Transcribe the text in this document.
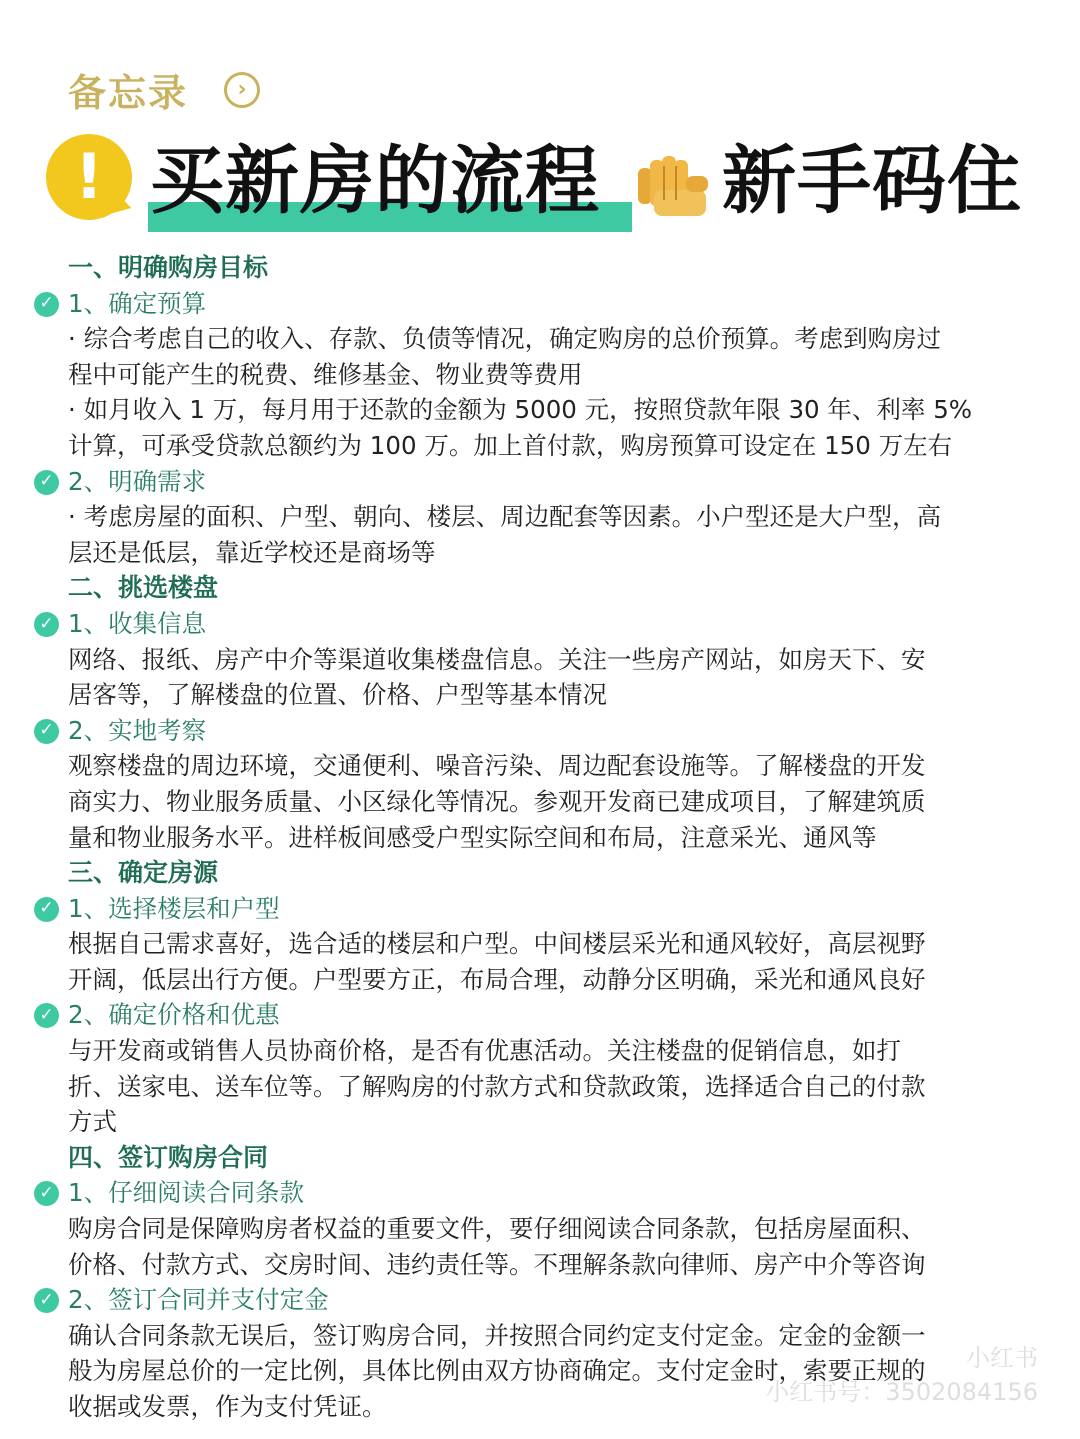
备忘录	›
! 买新房的流程 新手码住
一、明确购房目标
✓ 1、确定预算
· 综合考虑自己的收入、存款、负债等情况，确定购房的总价预算。考虑到购房过
程中可能产生的税费、维修基金、物业费等费用
· 如月收入 1 万，每月用于还款的金额为 5000 元，按照贷款年限 30 年、利率 5%
计算，可承受贷款总额约为 100 万。加上首付款，购房预算可设定在 150 万左右
✓ 2、明确需求
· 考虑房屋的面积、户型、朝向、楼层、周边配套等因素。小户型还是大户型，高
层还是低层，靠近学校还是商场等
二、挑选楼盘
✓ 1、收集信息
网络、报纸、房产中介等渠道收集楼盘信息。关注一些房产网站，如房天下、安
居客等，了解楼盘的位置、价格、户型等基本情况
✓ 2、实地考察
观察楼盘的周边环境，交通便利、噪音污染、周边配套设施等。了解楼盘的开发
商实力、物业服务质量、小区绿化等情况。参观开发商已建成项目，了解建筑质
量和物业服务水平。进样板间感受户型实际空间和布局，注意采光、通风等
三、确定房源
✓ 1、选择楼层和户型
根据自己需求喜好，选合适的楼层和户型。中间楼层采光和通风较好，高层视野
开阔，低层出行方便。户型要方正，布局合理，动静分区明确，采光和通风良好
✓ 2、确定价格和优惠
与开发商或销售人员协商价格，是否有优惠活动。关注楼盘的促销信息，如打
折、送家电、送车位等。了解购房的付款方式和贷款政策，选择适合自己的付款
方式
四、签订购房合同
✓ 1、仔细阅读合同条款
购房合同是保障购房者权益的重要文件，要仔细阅读合同条款，包括房屋面积、
价格、付款方式、交房时间、违约责任等。不理解条款向律师、房产中介等咨询
✓ 2、签订合同并支付定金
确认合同条款无误后，签订购房合同，并按照合同约定支付定金。定金的金额一
般为房屋总价的一定比例，具体比例由双方协商确定。支付定金时，索要正规的
收据或发票，作为支付凭证。
小红书
小红书号：3502084156
